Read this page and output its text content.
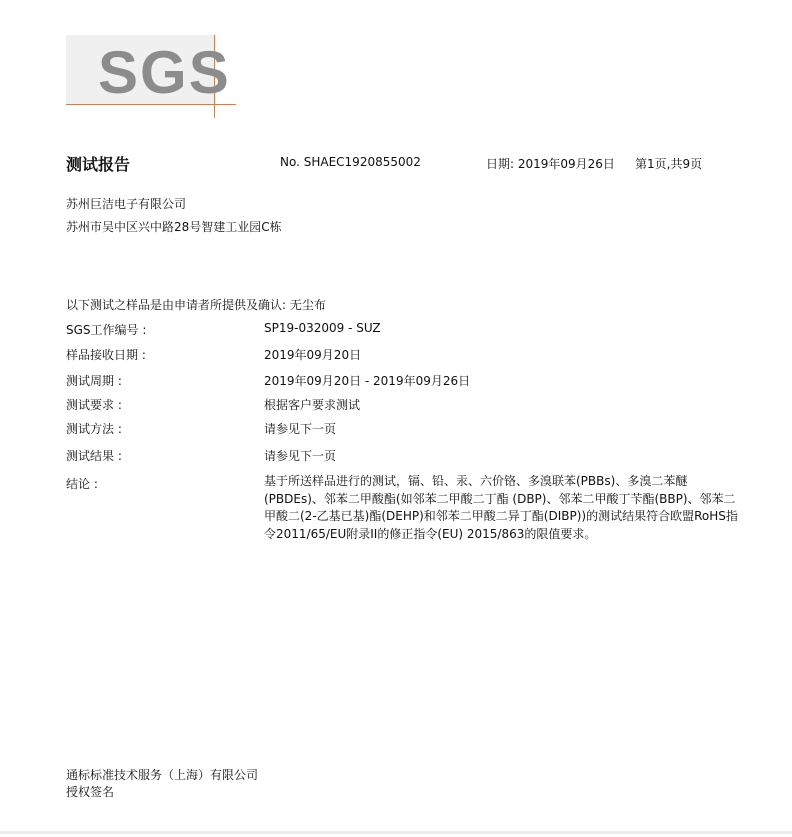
SGS
测试报告	No. SHAEC1920855002	日期: 2019年09月26日 第1页,共9页
苏州巨洁电子有限公司
苏州市吴中区兴中路28号智建工业园C栋
以下测试之样品是由申请者所提供及确认: 无尘布
SGS工作编号 :	SP19-032009 - SUZ
样品接收日期 :	2019年09月20日
测试周期 :	2019年09月20日 - 2019年09月26日
测试要求 :	根据客户要求测试
测试方法 :	请参见下一页
测试结果 :	请参见下一页
结论 :	基于所送样品进行的测试，镉、铅、汞、六价铬、多溴联苯(PBBs)、多溴二苯醚(PBDEs)、邻苯二甲酸酯(如邻苯二甲酸二丁酯 (DBP)、邻苯二甲酸丁苄酯(BBP)、邻苯二甲酸二(2-乙基已基)酯(DEHP)和邻苯二甲酸二异丁酯(DIBP))的测试结果符合欧盟RoHS指令2011/65/EU附录II的修正指令(EU) 2015/863的限值要求。
通标标准技术服务（上海）有限公司
授权签名
